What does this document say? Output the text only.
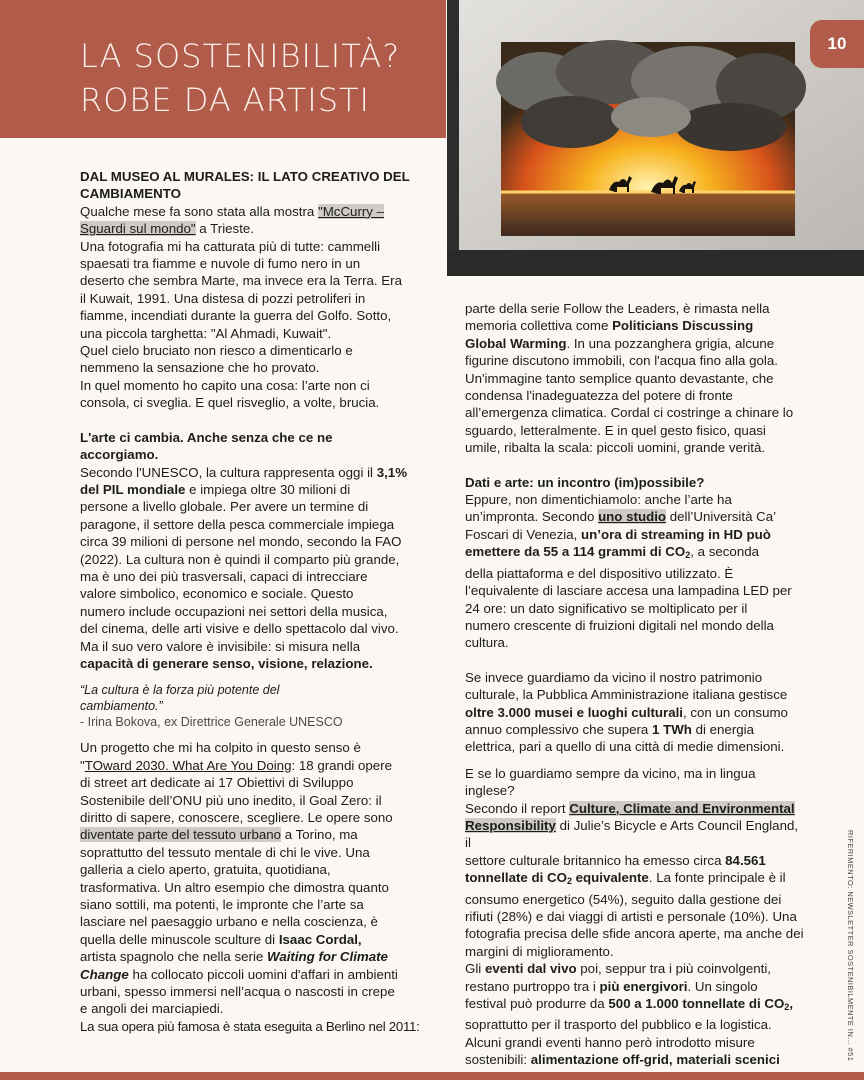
LA SOSTENIBILITÀ?
ROBE DA ARTISTI
10

DAL MUSEO AL MURALES: IL LATO CREATIVO DEL
CAMBIAMENTO

Qualche mese fa sono stata alla mostra "McCurry –
Sguardi sul mondo" a Trieste.
Una fotografia mi ha catturata più di tutte: cammelli
spaesati tra fiamme e nuvole di fumo nero in un
deserto che sembra Marte, ma invece era la Terra. Era
il Kuwait, 1991. Una distesa di pozzi petroliferi in
fiamme, incendiati durante la guerra del Golfo. Sotto,
una piccola targhetta: "Al Ahmadi, Kuwait".
Quel cielo bruciato non riesco a dimenticarlo e
nemmeno la sensazione che ho provato.
In quel momento ho capito una cosa: l’arte non ci
consola, ci sveglia. E quel risveglio, a volte, brucia.

L'arte ci cambia. Anche senza che ce ne
accorgiamo.

Secondo l'UNESCO, la cultura rappresenta oggi il 3,1%
del PIL mondiale e impiega oltre 30 milioni di
persone a livello globale. Per avere un termine di
paragone, il settore della pesca commerciale impiega
circa 39 milioni di persone nel mondo, secondo la FAO
(2022). La cultura non è quindi il comparto più grande,
ma è uno dei più trasversali, capaci di intrecciare
valore simbolico, economico e sociale. Questo
numero include occupazioni nei settori della musica,
del cinema, delle arti visive e dello spettacolo dal vivo.
Ma il suo vero valore è invisibile: si misura nella
capacità di generare senso, visione, relazione.

“La cultura è la forza più potente del
cambiamento.”

- Irina Bokova, ex Direttrice Generale UNESCO

Un progetto che mi ha colpito in questo senso è
"TOward 2030. What Are You Doing: 18 grandi opere
di street art dedicate ai 17 Obiettivi di Sviluppo
Sostenibile dell’ONU più uno inedito, il Goal Zero: il
diritto di sapere, conoscere, scegliere. Le opere sono
diventate parte del tessuto urbano a Torino, ma
soprattutto del tessuto mentale di chi le vive. Una
galleria a cielo aperto, gratuita, quotidiana,
trasformativa. Un altro esempio che dimostra quanto
siano sottili, ma potenti, le impronte che l’arte sa
lasciare nel paesaggio urbano e nella coscienza, è
quella delle minuscole sculture di Isaac Cordal,
artista spagnolo che nella serie Waiting for Climate
Change ha collocato piccoli uomini d'affari in ambienti
urbani, spesso immersi nell’acqua o nascosti in crepe
e angoli dei marciapiedi.
La sua opera più famosa è stata eseguita a Berlino nel 2011:

parte della serie Follow the Leaders, è rimasta nella
memoria collettiva come Politicians Discussing
Global Warming. In una pozzanghera grigia, alcune
figurine discutono immobili, con l'acqua fino alla gola.
Un'immagine tanto semplice quanto devastante, che
condensa l'inadeguatezza del potere di fronte
all’emergenza climatica. Cordal ci costringe a chinare lo
sguardo, letteralmente. E in quel gesto fisico, quasi
umile, ribalta la scala: piccoli uomini, grande verità.

Dati e arte: un incontro (im)possibile?

Eppure, non dimentichiamolo: anche l’arte ha
un’impronta. Secondo uno studio dell’Università Ca’
Foscari di Venezia, un’ora di streaming in HD può
emettere da 55 a 114 grammi di $CO_2$, a seconda
della piattaforma e del dispositivo utilizzato. È
l’equivalente di lasciare accesa una lampadina LED per
24 ore: un dato significativo se moltiplicato per il
numero crescente di fruizioni digitali nel mondo della
cultura.

Se invece guardiamo da vicino il nostro patrimonio
culturale, la Pubblica Amministrazione italiana gestisce
oltre 3.000 musei e luoghi culturali, con un consumo
annuo complessivo che supera 1 TWh di energia
elettrica, pari a quello di una città di medie dimensioni.

E se lo guardiamo sempre da vicino, ma in lingua inglese?
Secondo il report Culture, Climate and Environmental
Responsibility di Julie’s Bicycle e Arts Council England, il
settore culturale britannico ha emesso circa 84.561
tonnellate di $CO_2$ equivalente. La fonte principale è il
consumo energetico (54%), seguito dalla gestione dei
rifiuti (28%) e dai viaggi di artisti e personale (10%). Una
fotografia precisa delle sfide ancora aperte, ma anche dei
margini di miglioramento.
Gli eventi dal vivo poi, seppur tra i più coinvolgenti,
restano purtroppo tra i più energivori. Un singolo
festival può produrre da 500 a 1.000 tonnellate di $CO_2$,
soprattutto per il trasporto del pubblico e la logistica.
Alcuni grandi eventi hanno però introdotto misure
sostenibili: alimentazione off-grid, materiali scenici	RIFERIMENTO: NEWSLETTER SOSTENIBILMENTE IN... #51
